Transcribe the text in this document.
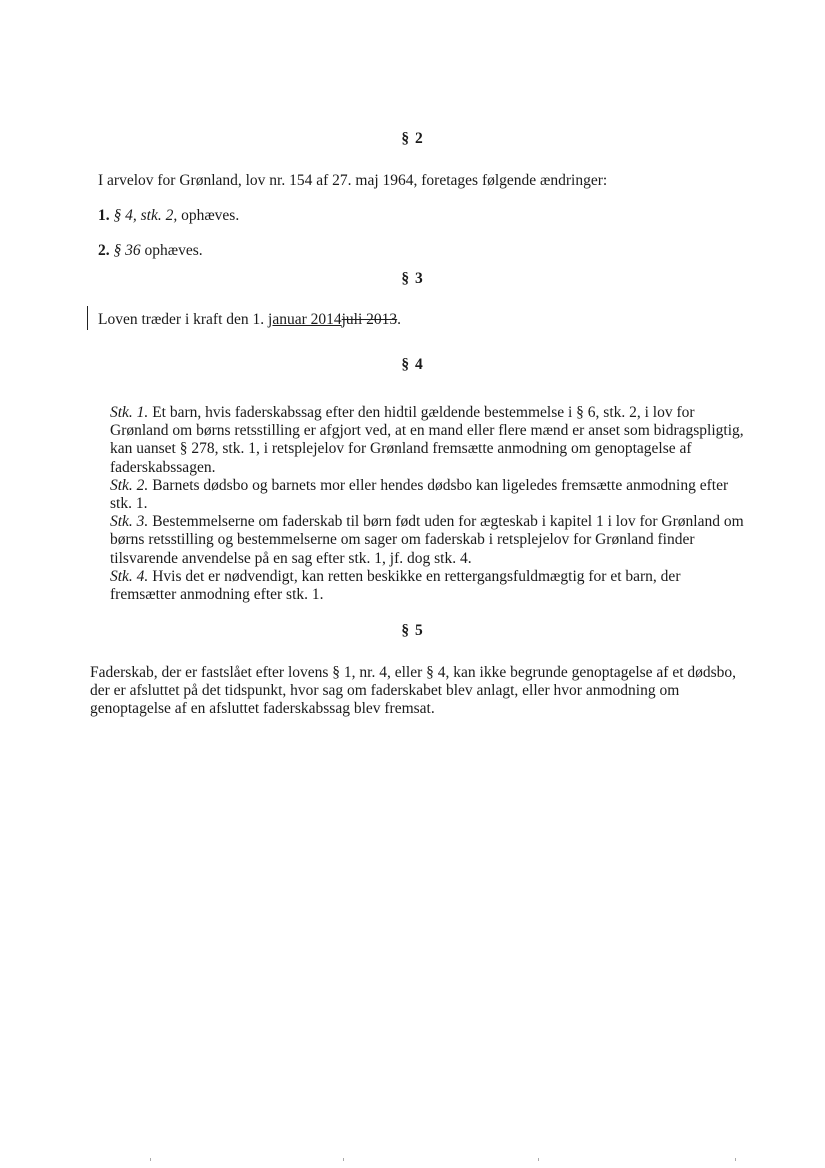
§ 2
I arvelov for Grønland, lov nr. 154 af 27. maj 1964, foretages følgende ændringer:
1. § 4, stk. 2, ophæves.
2. § 36 ophæves.
§ 3
Loven træder i kraft den 1. januar 2014juli 2013.
§ 4

Stk. 1. Et barn, hvis faderskabssag efter den hidtil gældende bestemmelse i § 6, stk. 2, i lov for Grønland om børns retsstilling er afgjort ved, at en mand eller flere mænd er anset som bidragspligtig, kan uanset § 278, stk. 1, i retsplejelov for Grønland fremsætte anmodning om genoptagelse af faderskabssagen.

Stk. 2. Barnets dødsbo og barnets mor eller hendes dødsbo kan ligeledes fremsætte anmodning efter stk. 1.

Stk. 3. Bestemmelserne om faderskab til børn født uden for ægteskab i kapitel 1 i lov for Grønland om børns retsstilling og bestemmelserne om sager om faderskab i retsplejelov for Grønland finder tilsvarende anvendelse på en sag efter stk. 1, jf. dog stk. 4.

Stk. 4. Hvis det er nødvendigt, kan retten beskikke en rettergangsfuldmægtig for et barn, der fremsætter anmodning efter stk. 1.

§ 5

Faderskab, der er fastslået efter lovens § 1, nr. 4, eller § 4, kan ikke begrunde genoptagelse af et dødsbo, der er afsluttet på det tidspunkt, hvor sag om faderskabet blev anlagt, eller hvor anmodning om genoptagelse af en afsluttet faderskabssag blev fremsat.
